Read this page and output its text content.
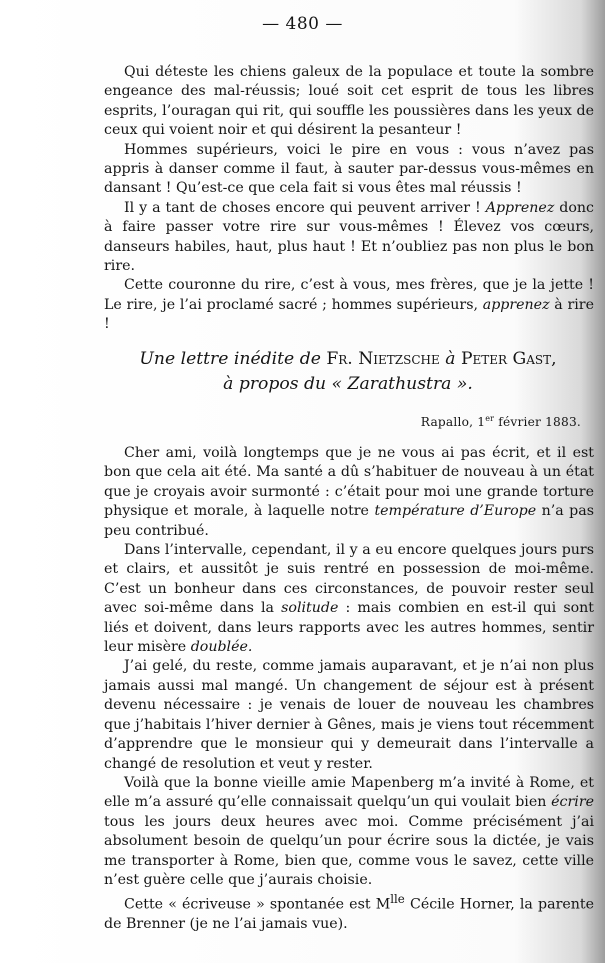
— 480 —

Qui déteste les chiens galeux de la populace et toute la sombre engeance des mal-réussis; loué soit cet esprit de tous les libres esprits, l’ouragan qui rit, qui souffle les poussières dans les yeux de ceux qui voient noir et qui désirent la pesanteur !

Hommes supérieurs, voici le pire en vous : vous n’avez pas appris à danser comme il faut, à sauter par-dessus vous-mêmes en dansant ! Qu’est-ce que cela fait si vous êtes mal réussis !

Il y a tant de choses encore qui peuvent arriver ! Apprenez donc à faire passer votre rire sur vous-mêmes ! Élevez vos cœurs, danseurs habiles, haut, plus haut ! Et n’oubliez pas non plus le bon rire.

Cette couronne du rire, c’est à vous, mes frères, que je la jette ! Le rire, je l’ai proclamé sacré ; hommes supérieurs, apprenez à rire !

Une lettre inédite de Fr. Nietzsche à Peter Gast,
à propos du « Zarathustra ».
Rapallo, 1er février 1883.

Cher ami, voilà longtemps que je ne vous ai pas écrit, et il est bon que cela ait été. Ma santé a dû s’habituer de nouveau à un état que je croyais avoir surmonté : c’était pour moi une grande torture physique et morale, à laquelle notre température d’Europe n’a pas peu contribué.

Dans l’intervalle, cependant, il y a eu encore quelques jours purs et clairs, et aussitôt je suis rentré en possession de moi-même. C’est un bonheur dans ces circonstances, de pouvoir rester seul avec soi-même dans la solitude : mais combien en est-il qui sont liés et doivent, dans leurs rapports avec les autres hommes, sentir leur misère doublée.

J’ai gelé, du reste, comme jamais auparavant, et je n’ai non plus jamais aussi mal mangé. Un changement de séjour est à présent devenu nécessaire : je venais de louer de nouveau les chambres que j’habitais l’hiver dernier à Gênes, mais je viens tout récemment d’apprendre que le monsieur qui y demeurait dans l’intervalle a changé de resolution et veut y rester.

Voilà que la bonne vieille amie Mapenberg m’a invité à Rome, et elle m’a assuré qu’elle connaissait quelqu’un qui voulait bien écrire tous les jours deux heures avec moi. Comme précisément j’ai absolument besoin de quelqu’un pour écrire sous la dictée, je vais me transporter à Rome, bien que, comme vous le savez, cette ville n’est guère celle que j’aurais choisie.

Cette « écriveuse » spontanée est $M^{lle}$ Cécile Horner, la parente de Brenner (je ne l’ai jamais vue).
